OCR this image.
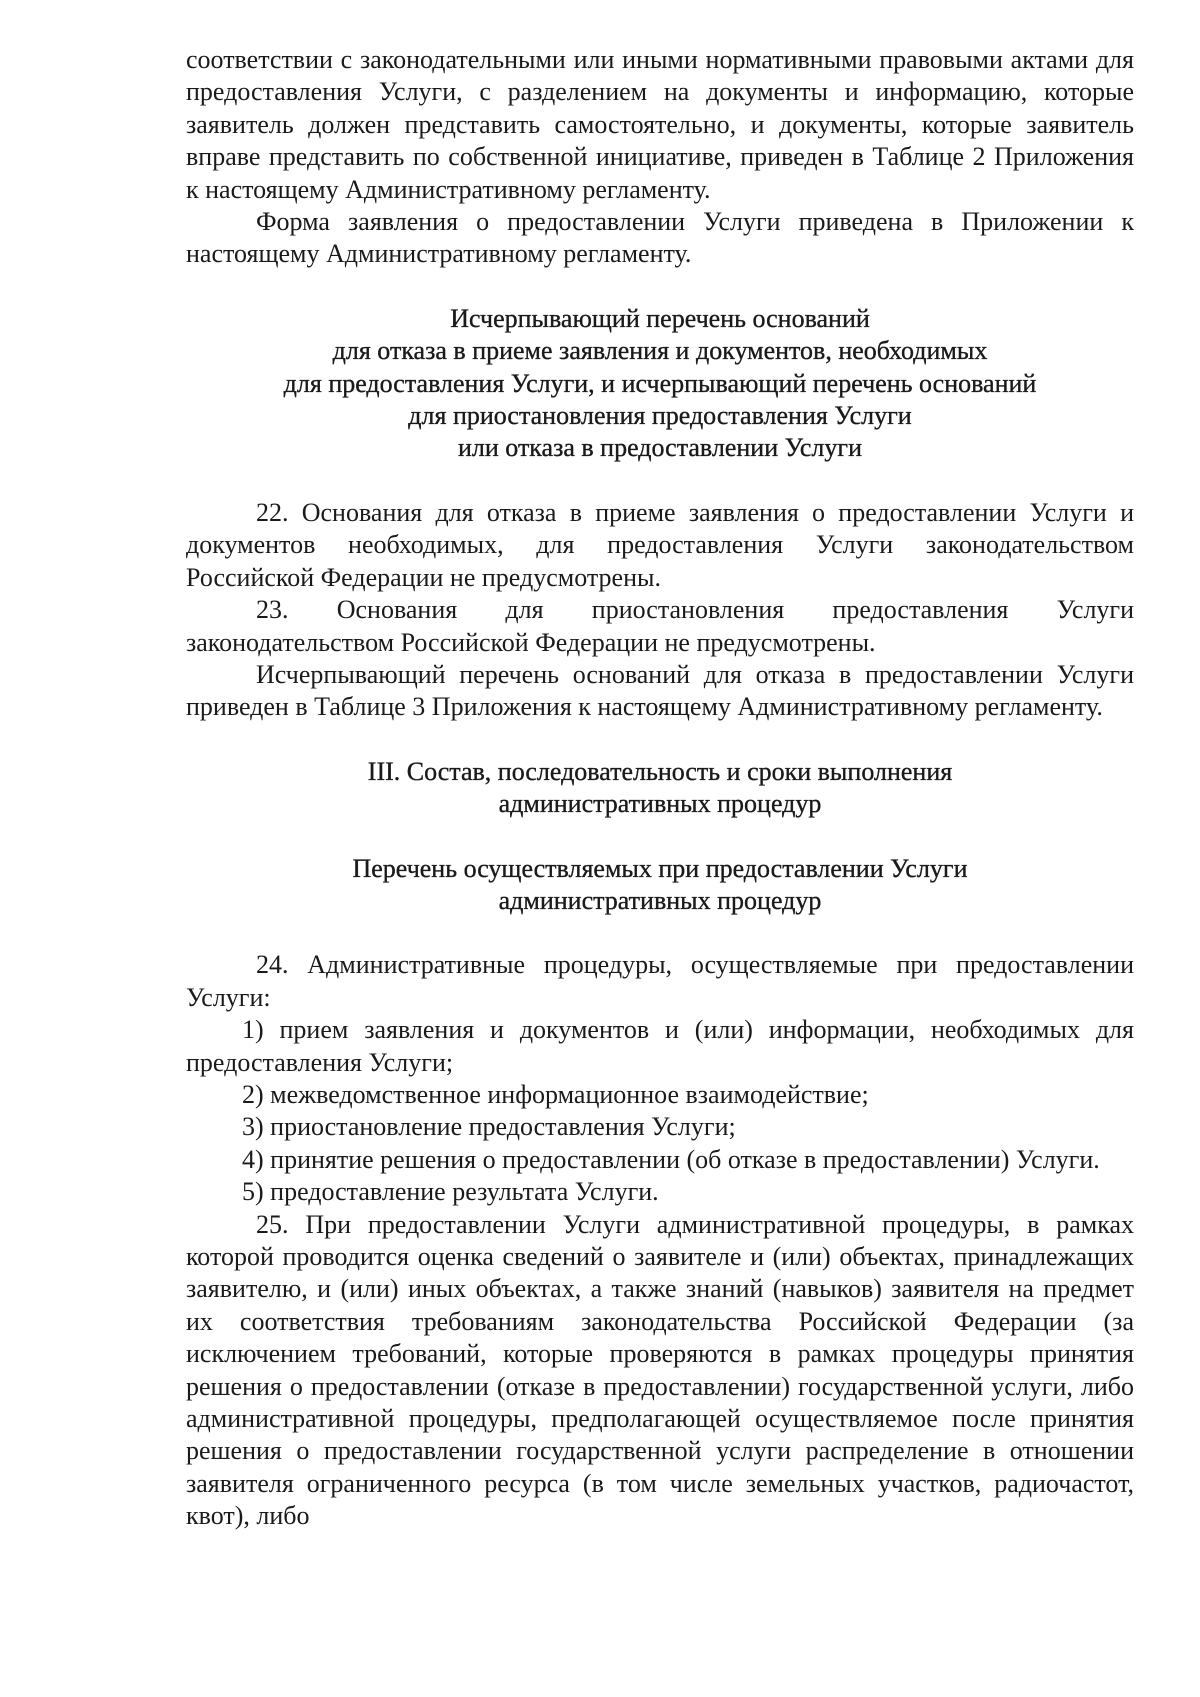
соответствии с законодательными или иными нормативными правовыми актами для предоставления Услуги, с разделением на документы и информацию, которые заявитель должен представить самостоятельно, и документы, которые заявитель вправе представить по собственной инициативе, приведен в Таблице 2 Приложения к настоящему Административному регламенту.

Форма заявления о предоставлении Услуги приведена в Приложении к настоящему Административному регламенту.

Исчерпывающий перечень оснований
для отказа в приеме заявления и документов, необходимых
для предоставления Услуги, и исчерпывающий перечень оснований
для приостановления предоставления Услуги
или отказа в предоставлении Услуги

22. Основания для отказа в приеме заявления о предоставлении Услуги и документов необходимых, для предоставления Услуги законодательством Российской Федерации не предусмотрены.

23. Основания для приостановления предоставления Услуги законодательством Российской Федерации не предусмотрены.

Исчерпывающий перечень оснований для отказа в предоставлении Услуги приведен в Таблице 3 Приложения к настоящему Административному регламенту.

III. Состав, последовательность и сроки выполнения
административных процедур
Перечень осуществляемых при предоставлении Услуги
административных процедур

24. Административные процедуры, осуществляемые при предоставлении Услуги:

1) прием заявления и документов и (или) информации, необходимых для предоставления Услуги;

2) межведомственное информационное взаимодействие;

3) приостановление предоставления Услуги;

4) принятие решения о предоставлении (об отказе в предоставлении) Услуги.

5) предоставление результата Услуги.

25. При предоставлении Услуги административной процедуры, в рамках которой проводится оценка сведений о заявителе и (или) объектах, принадлежащих заявителю, и (или) иных объектах, а также знаний (навыков) заявителя на предмет их соответствия требованиям законодательства Российской Федерации (за исключением требований, которые проверяются в рамках процедуры принятия решения о предоставлении (отказе в предоставлении) государственной услуги, либо административной процедуры, предполагающей осуществляемое после принятия решения о предоставлении государственной услуги распределение в отношении заявителя ограниченного ресурса (в том числе земельных участков, радиочастот, квот), либо
